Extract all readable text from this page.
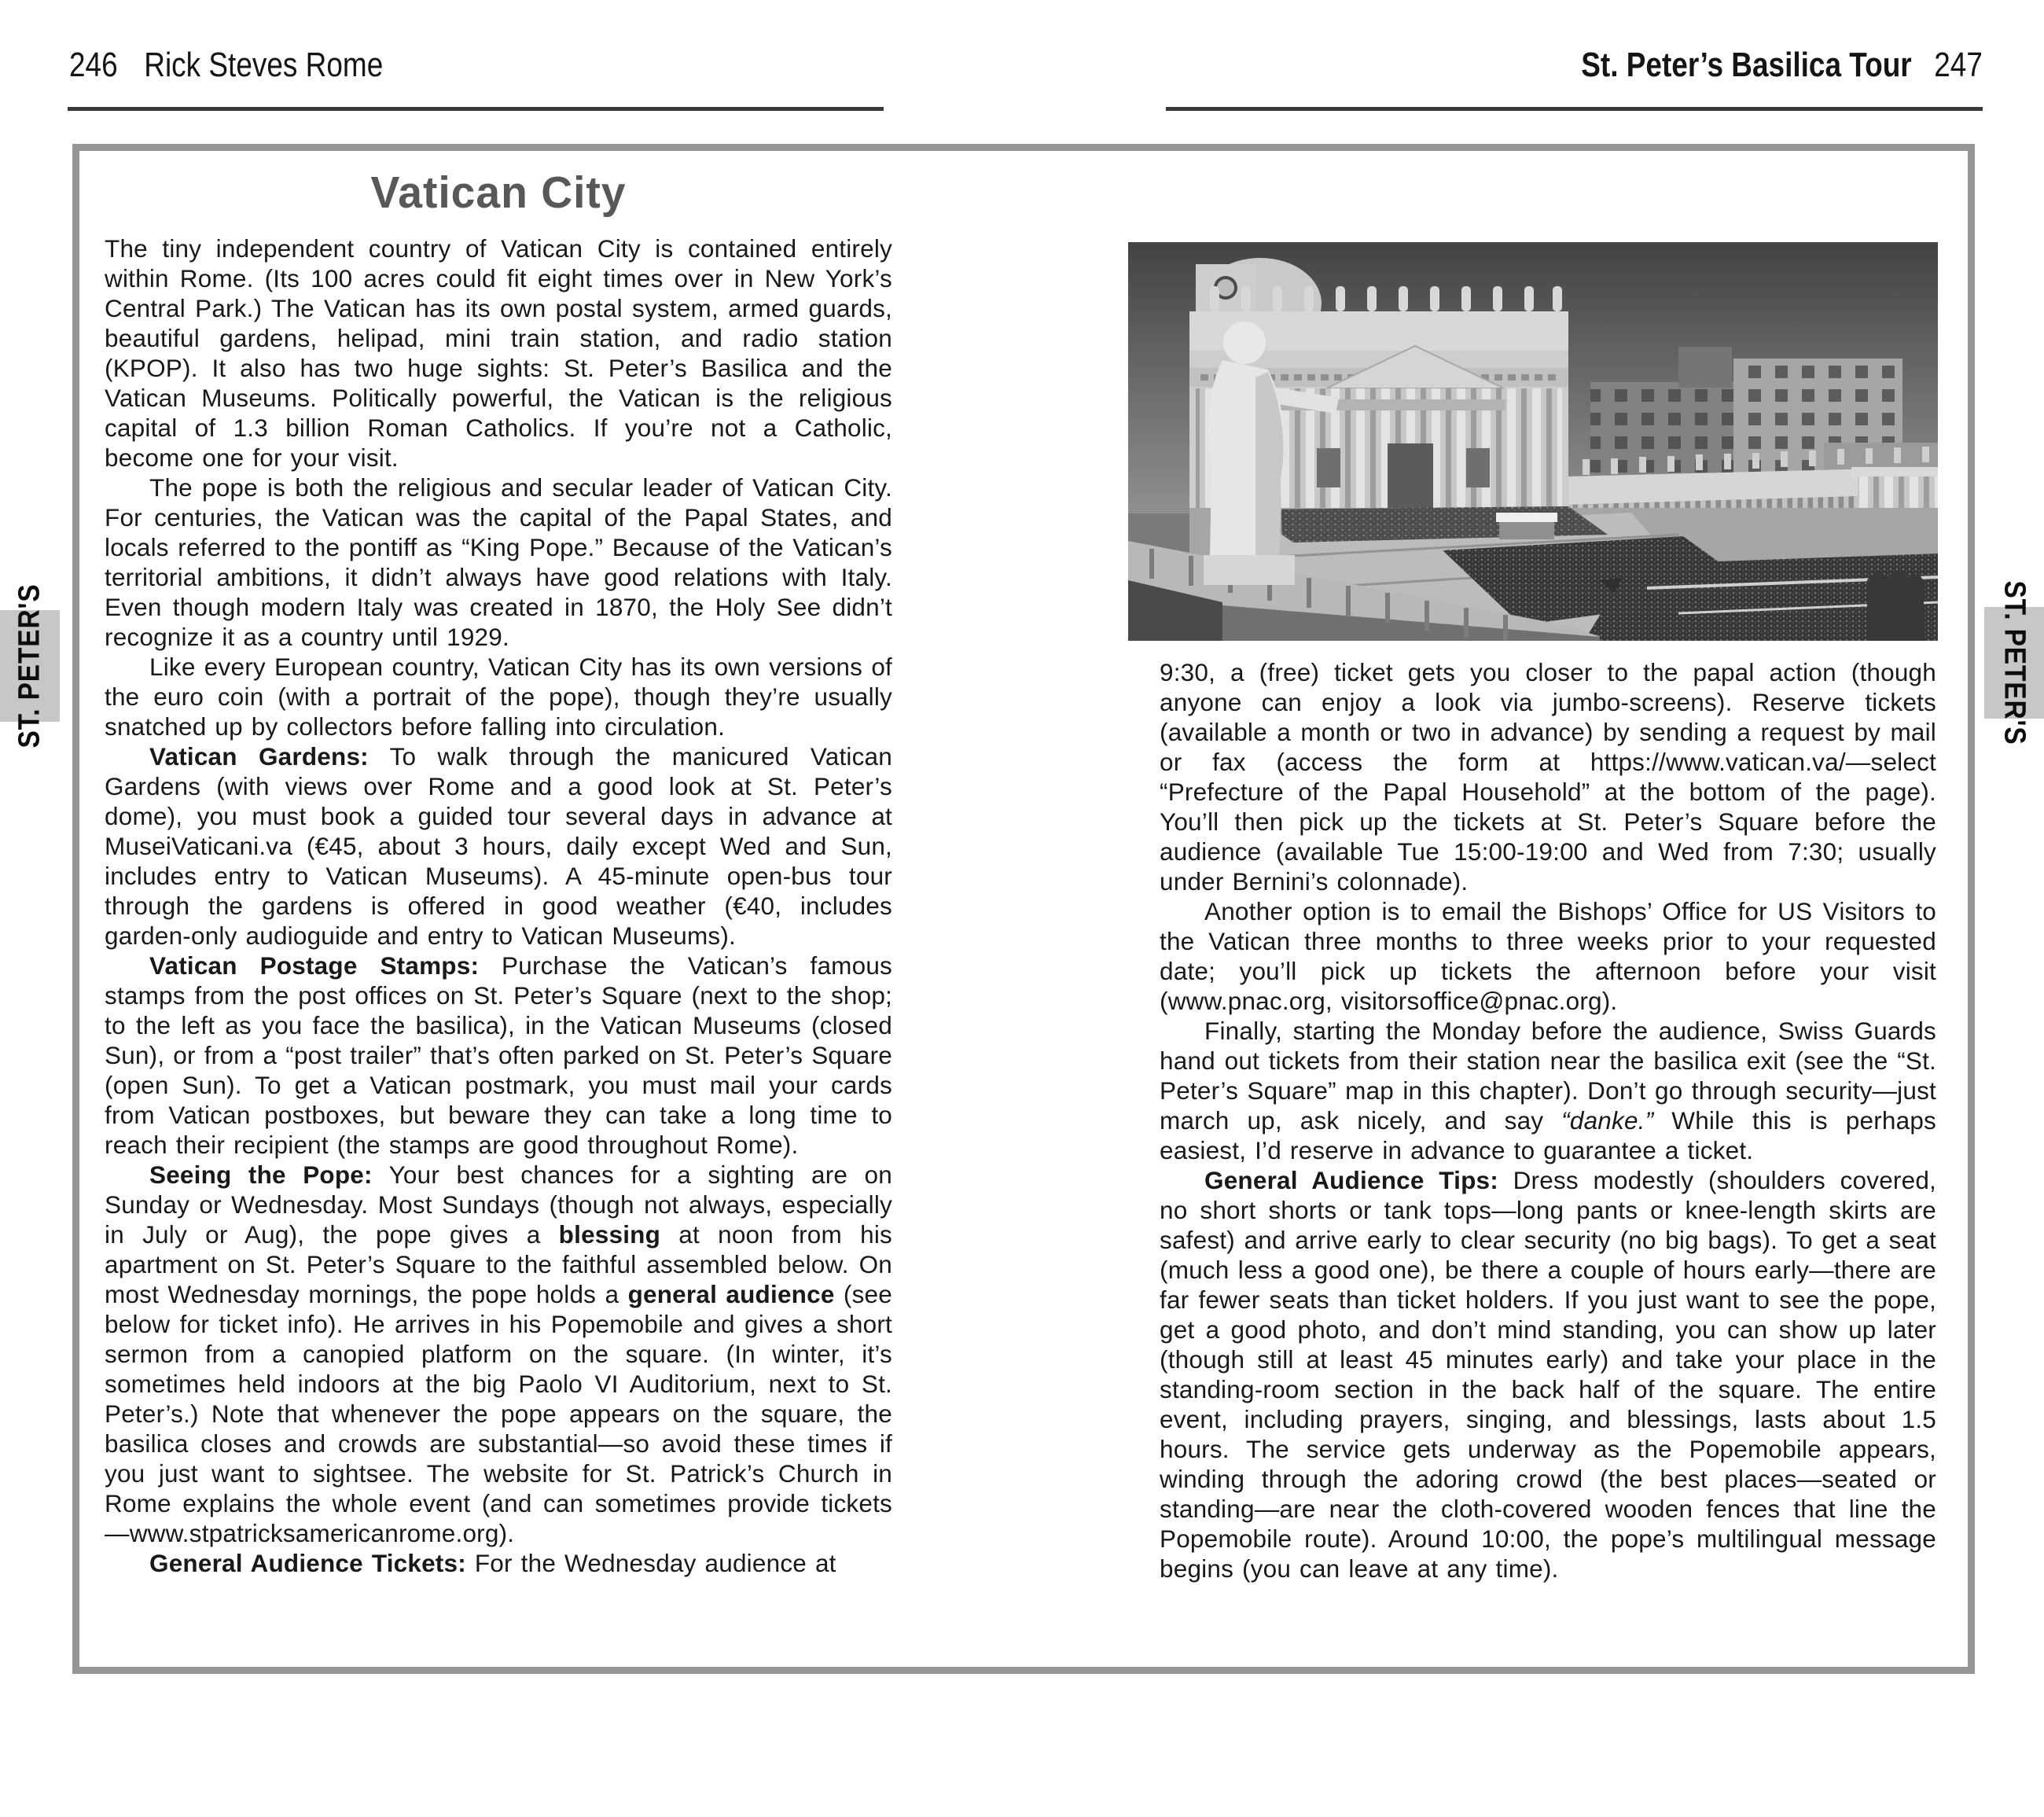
246 Rick Steves Rome	St. Peter’s Basilica Tour 247
ST. PETER'S	ST. PETER'S
Vatican City

The tiny independent country of Vatican City is contained entirely within Rome. (Its 100 acres could fit eight times over in New York’s Central Park.) The Vatican has its own postal system, armed guards, beautiful gardens, helipad, mini train station, and radio station (KPOP). It also has two huge sights: St. Peter’s Basilica and the Vatican Museums. Politically powerful, the Vatican is the religious capital of 1.3 billion Roman Catholics. If you’re not a Catholic, become one for your visit.

The pope is both the religious and secular leader of Vatican City. For centuries, the Vatican was the capital of the Papal States, and locals referred to the pontiff as “King Pope.” Because of the Vatican’s territorial ambitions, it didn’t always have good relations with Italy. Even though modern Italy was created in 1870, the Holy See didn’t recognize it as a country until 1929.

Like every European country, Vatican City has its own versions of the euro coin (with a portrait of the pope), though they’re usually snatched up by collectors before falling into circulation.

Vatican Gardens: To walk through the manicured Vatican Gardens (with views over Rome and a good look at St. Peter’s dome), you must book a guided tour several days in advance at MuseiVaticani.va (€45, about 3 hours, daily except Wed and Sun, includes entry to Vatican Museums). A 45-minute open-bus tour through the gardens is offered in good weather (€40, includes garden-only audioguide and entry to Vatican Museums).

Vatican Postage Stamps: Purchase the Vatican’s famous stamps from the post offices on St. Peter’s Square (next to the shop; to the left as you face the basilica), in the Vatican Museums (closed Sun), or from a “post trailer” that’s often parked on St. Peter’s Square (open Sun). To get a Vatican postmark, you must mail your cards from Vatican postboxes, but beware they can take a long time to reach their recipient (the stamps are good throughout Rome).

Seeing the Pope: Your best chances for a sighting are on Sunday or Wednesday. Most Sundays (though not always, especially in July or Aug), the pope gives a blessing at noon from his apartment on St. Peter’s Square to the faithful assembled below. On most Wednesday mornings, the pope holds a general audience (see below for ticket info). He arrives in his Popemobile and gives a short sermon from a canopied platform on the square. (In winter, it’s sometimes held indoors at the big Paolo VI Auditorium, next to St. Peter’s.) Note that whenever the pope appears on the square, the basilica closes and crowds are substantial—so avoid these times if you just want to sightsee. The website for St. Patrick’s Church in Rome explains the whole event (and can sometimes provide tickets—www.stpatricksamericanrome.org).

General Audience Tickets: For the Wednesday audience at

9:30, a (free) ticket gets you closer to the papal action (though anyone can enjoy a look via jumbo-screens). Reserve tickets (available a month or two in advance) by sending a request by mail or fax (access the form at https://www.vatican.va/—select “Prefecture of the Papal Household” at the bottom of the page). You’ll then pick up the tickets at St. Peter’s Square before the audience (available Tue 15:00-19:00 and Wed from 7:30; usually under Bernini’s colonnade).

Another option is to email the Bishops’ Office for US Visitors to the Vatican three months to three weeks prior to your requested date; you’ll pick up tickets the afternoon before your visit (www.pnac.org, visitorsoffice@pnac.org).

Finally, starting the Monday before the audience, Swiss Guards hand out tickets from their station near the basilica exit (see the “St. Peter’s Square” map in this chapter). Don’t go through security—just march up, ask nicely, and say “danke.” While this is perhaps easiest, I’d reserve in advance to guarantee a ticket.

General Audience Tips: Dress modestly (shoulders covered, no short shorts or tank tops—long pants or knee-length skirts are safest) and arrive early to clear security (no big bags). To get a seat (much less a good one), be there a couple of hours early—there are far fewer seats than ticket holders. If you just want to see the pope, get a good photo, and don’t mind standing, you can show up later (though still at least 45 minutes early) and take your place in the standing-room section in the back half of the square. The entire event, including prayers, singing, and blessings, lasts about 1.5 hours. The service gets underway as the Popemobile appears, winding through the adoring crowd (the best places—seated or standing—are near the cloth-covered wooden fences that line the Popemobile route). Around 10:00, the pope’s multilingual message begins (you can leave at any time).
